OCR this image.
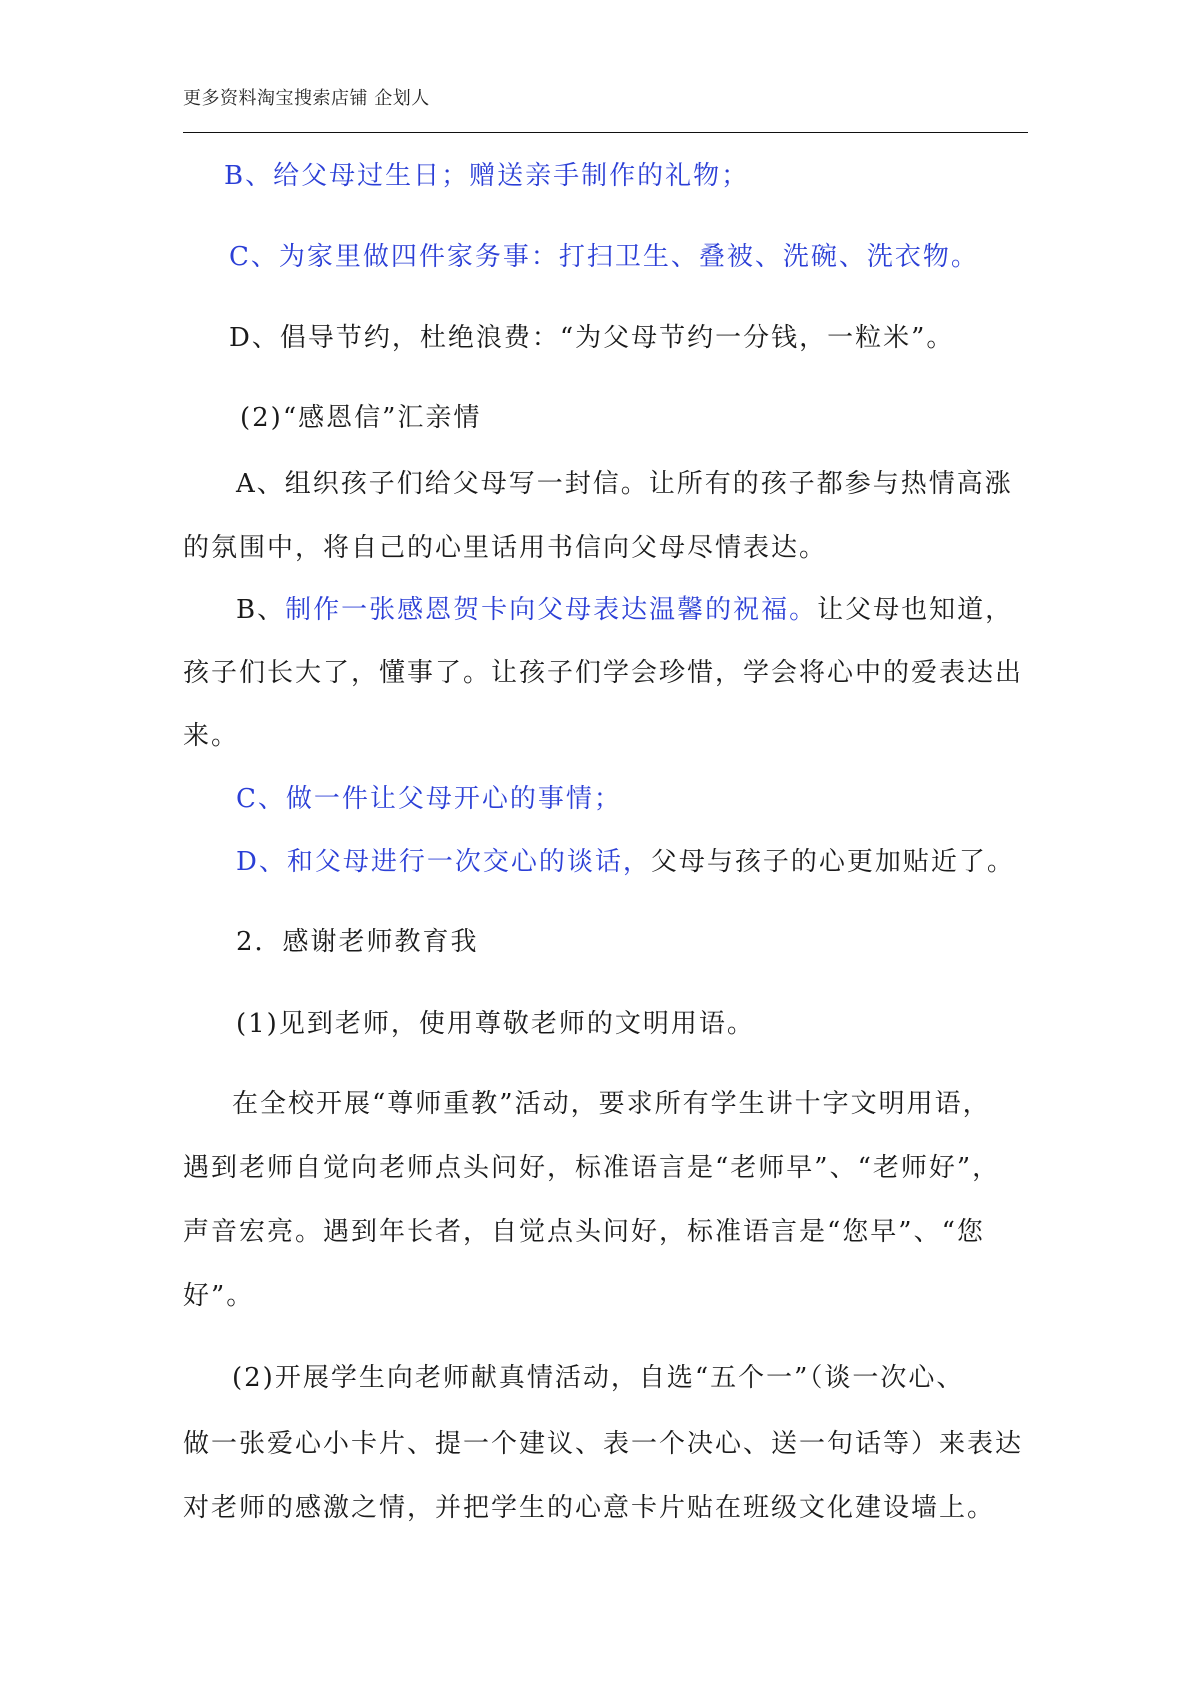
更多资料淘宝搜索店铺 企划人
B、给父母过生日；赠送亲手制作的礼物；
C、为家里做四件家务事：打扫卫生、叠被、洗碗、洗衣物。
D、倡导节约，杜绝浪费：“为父母节约一分钱，一粒米”。
(2)“感恩信”汇亲情
A、组织孩子们给父母写一封信。让所有的孩子都参与热情高涨
的氛围中，将自己的心里话用书信向父母尽情表达。
B、制作一张感恩贺卡向父母表达温馨的祝福。让父母也知道，
孩子们长大了，懂事了。让孩子们学会珍惜，学会将心中的爱表达出
来。
C、做一件让父母开心的事情；
D、和父母进行一次交心的谈话，父母与孩子的心更加贴近了。
2．感谢老师教育我
(1)见到老师，使用尊敬老师的文明用语。
在全校开展“尊师重教”活动，要求所有学生讲十字文明用语，
遇到老师自觉向老师点头问好，标准语言是“老师早”、“老师好”，
声音宏亮。遇到年长者，自觉点头问好，标准语言是“您早”、“您
好”。
(2)开展学生向老师献真情活动，自选“五个一”（谈一次心、
做一张爱心小卡片、提一个建议、表一个决心、送一句话等）来表达
对老师的感激之情，并把学生的心意卡片贴在班级文化建设墙上。
